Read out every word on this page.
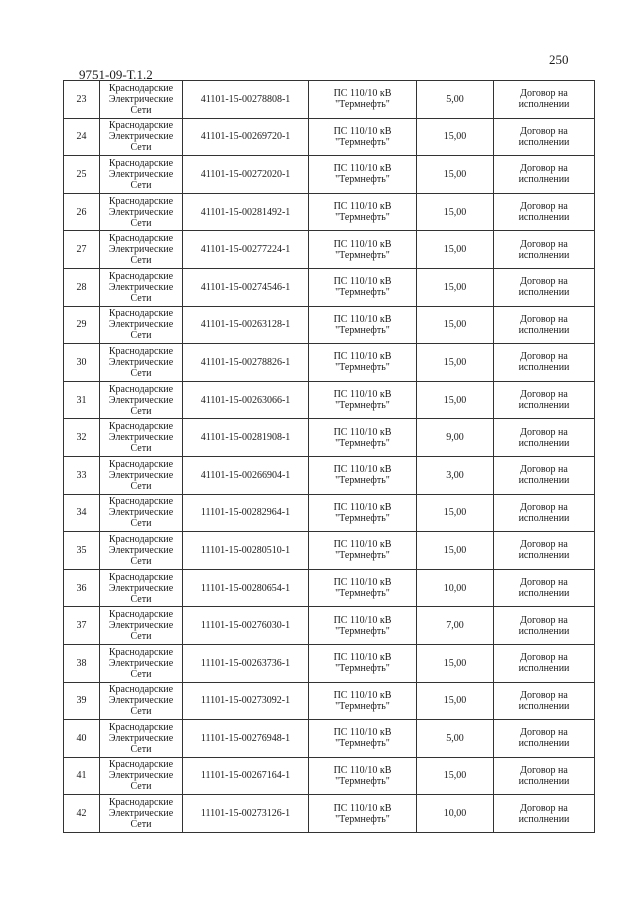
250
9751-09-Т.1.2
23	Краснодарские
Электрические
Сети	41101-15-00278808-1	ПС 110/10 кВ
"Термнефть"	5,00	Договор на
исполнении
24	Краснодарские
Электрические
Сети	41101-15-00269720-1	ПС 110/10 кВ
"Термнефть"	15,00	Договор на
исполнении
25	Краснодарские
Электрические
Сети	41101-15-00272020-1	ПС 110/10 кВ
"Термнефть"	15,00	Договор на
исполнении
26	Краснодарские
Электрические
Сети	41101-15-00281492-1	ПС 110/10 кВ
"Термнефть"	15,00	Договор на
исполнении
27	Краснодарские
Электрические
Сети	41101-15-00277224-1	ПС 110/10 кВ
"Термнефть"	15,00	Договор на
исполнении
28	Краснодарские
Электрические
Сети	41101-15-00274546-1	ПС 110/10 кВ
"Термнефть"	15,00	Договор на
исполнении
29	Краснодарские
Электрические
Сети	41101-15-00263128-1	ПС 110/10 кВ
"Термнефть"	15,00	Договор на
исполнении
30	Краснодарские
Электрические
Сети	41101-15-00278826-1	ПС 110/10 кВ
"Термнефть"	15,00	Договор на
исполнении
31	Краснодарские
Электрические
Сети	41101-15-00263066-1	ПС 110/10 кВ
"Термнефть"	15,00	Договор на
исполнении
32	Краснодарские
Электрические
Сети	41101-15-00281908-1	ПС 110/10 кВ
"Термнефть"	9,00	Договор на
исполнении
33	Краснодарские
Электрические
Сети	41101-15-00266904-1	ПС 110/10 кВ
"Термнефть"	3,00	Договор на
исполнении
34	Краснодарские
Электрические
Сети	11101-15-00282964-1	ПС 110/10 кВ
"Термнефть"	15,00	Договор на
исполнении
35	Краснодарские
Электрические
Сети	11101-15-00280510-1	ПС 110/10 кВ
"Термнефть"	15,00	Договор на
исполнении
36	Краснодарские
Электрические
Сети	11101-15-00280654-1	ПС 110/10 кВ
"Термнефть"	10,00	Договор на
исполнении
37	Краснодарские
Электрические
Сети	11101-15-00276030-1	ПС 110/10 кВ
"Термнефть"	7,00	Договор на
исполнении
38	Краснодарские
Электрические
Сети	11101-15-00263736-1	ПС 110/10 кВ
"Термнефть"	15,00	Договор на
исполнении
39	Краснодарские
Электрические
Сети	11101-15-00273092-1	ПС 110/10 кВ
"Термнефть"	15,00	Договор на
исполнении
40	Краснодарские
Электрические
Сети	11101-15-00276948-1	ПС 110/10 кВ
"Термнефть"	5,00	Договор на
исполнении
41	Краснодарские
Электрические
Сети	11101-15-00267164-1	ПС 110/10 кВ
"Термнефть"	15,00	Договор на
исполнении
42	Краснодарские
Электрические
Сети	11101-15-00273126-1	ПС 110/10 кВ
"Термнефть"	10,00	Договор на
исполнении
